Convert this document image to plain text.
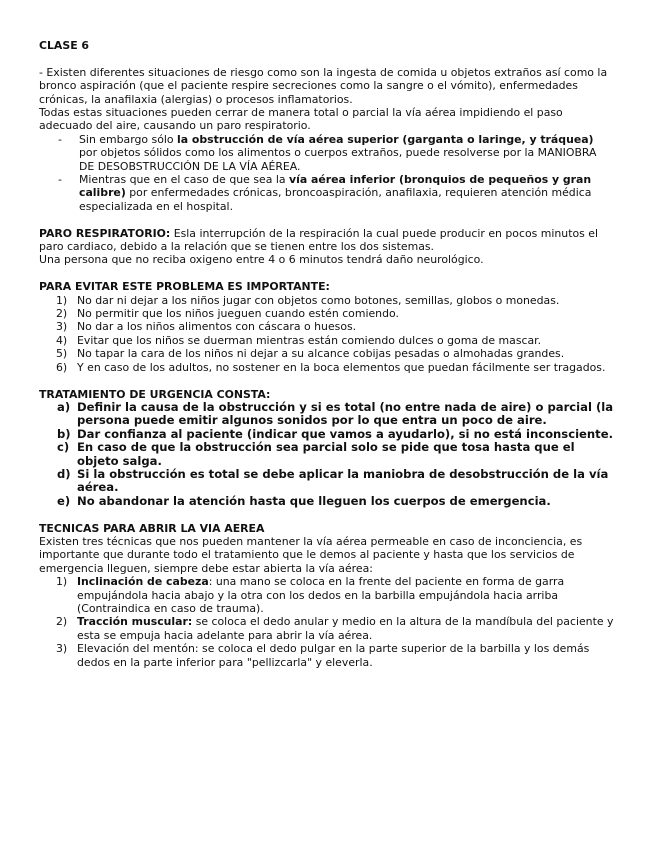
CLASE 6

- Existen diferentes situaciones de riesgo como son la ingesta de comida u objetos extraños así como la bronco aspiración (que el paciente respire secreciones como la sangre o el vómito), enfermedades crónicas, la anafilaxia (alergias) o procesos inflamatorios.

Todas estas situaciones pueden cerrar de manera total o parcial la vía aérea impidiendo el paso adecuado del aire, causando un paro respiratorio.

- Sin embargo sólo la obstrucción de vía aérea superior (garganta o laringe, y tráquea) por objetos sólidos como los alimentos o cuerpos extraños, puede resolverse por la MANIOBRA DE DESOBSTRUCCIÓN DE LA VÍA AÉREA.
- Mientras que en el caso de que sea la vía aérea inferior (bronquios de pequeños y gran calibre) por enfermedades crónicas, broncoaspiración, anafilaxia, requieren atención médica especializada en el hospital.

PARO RESPIRATORIO: Esla interrupción de la respiración la cual puede producir en pocos minutos el paro cardiaco, debido a la relación que se tienen entre los dos sistemas.

Una persona que no reciba oxigeno entre 4 o 6 minutos tendrá daño neurológico.

PARA EVITAR ESTE PROBLEMA ES IMPORTANTE:

1) No dar ni dejar a los niños jugar con objetos como botones, semillas, globos o monedas.
2) No permitir que los niños jueguen cuando estén comiendo.
3) No dar a los niños alimentos con cáscara o huesos.
4) Evitar que los niños se duerman mientras están comiendo dulces o goma de mascar.
5) No tapar la cara de los niños ni dejar a su alcance cobijas pesadas o almohadas grandes.
6) Y en caso de los adultos, no sostener en la boca elementos que puedan fácilmente ser tragados.

TRATAMIENTO DE URGENCIA CONSTA:

a) Definir la causa de la obstrucción y si es total (no entre nada de aire) o parcial (la persona puede emitir algunos sonidos por lo que entra un poco de aire.
b) Dar confianza al paciente (indicar que vamos a ayudarlo), si no está inconsciente.
c) En caso de que la obstrucción sea parcial solo se pide que tosa hasta que el objeto salga.
d) Si la obstrucción es total se debe aplicar la maniobra de desobstrucción de la vía aérea.
e) No abandonar la atención hasta que lleguen los cuerpos de emergencia.

TECNICAS PARA ABRIR LA VIA AEREA

Existen tres técnicas que nos pueden mantener la vía aérea permeable en caso de inconciencia, es importante que durante todo el tratamiento que le demos al paciente y hasta que los servicios de emergencia lleguen, siempre debe estar abierta la vía aérea:

1) Inclinación de cabeza: una mano se coloca en la frente del paciente en forma de garra empujándola hacia abajo y la otra con los dedos en la barbilla empujándola hacia arriba (Contraindica en caso de trauma).
2) Tracción muscular: se coloca el dedo anular y medio en la altura de la mandíbula del paciente y esta se empuja hacia adelante para abrir la vía aérea.
3) Elevación del mentón: se coloca el dedo pulgar en la parte superior de la barbilla y los demás dedos en la parte inferior para "pellizcarla" y eleverla.
